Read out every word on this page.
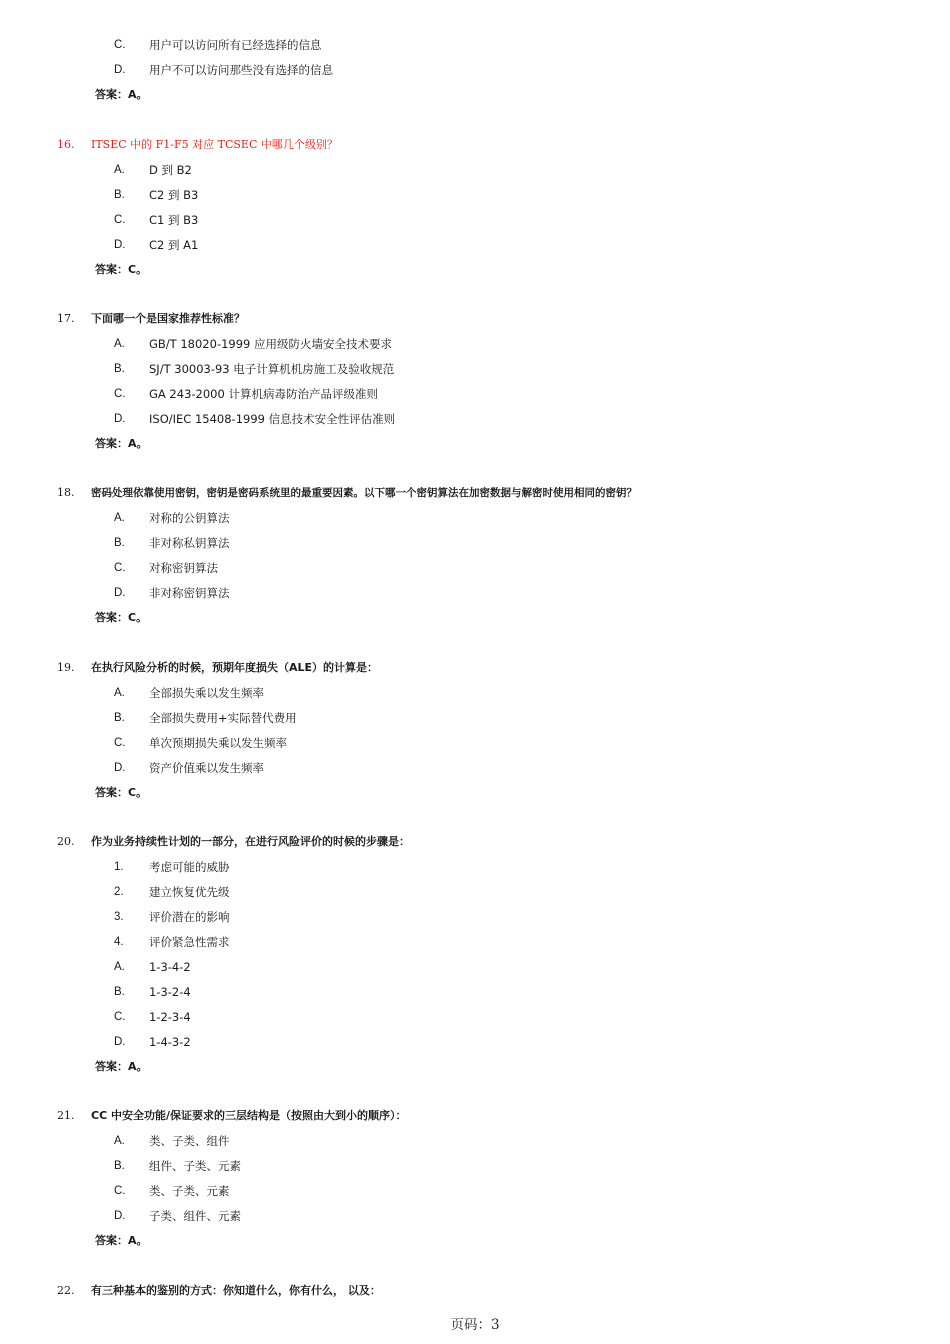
C.	用户可以访问所有已经选择的信息
D.	用户不可以访问那些没有选择的信息
答案：A。
16. ITSEC 中的 F1-F5 对应 TCSEC 中哪几个级别？
A.	D 到 B2
B.	C2 到 B3
C.	C1 到 B3
D.	C2 到 A1
答案：C。
17. 下面哪一个是国家推荐性标准？
A.	GB/T 18020-1999 应用级防火墙安全技术要求
B.	SJ/T 30003-93 电子计算机机房施工及验收规范
C.	GA 243-2000 计算机病毒防治产品评级准则
D.	ISO/IEC 15408-1999 信息技术安全性评估准则
答案：A。
18. 密码处理依靠使用密钥，密钥是密码系统里的最重要因素。以下哪一个密钥算法在加密数据与解密时使用相同的密钥？
A.	对称的公钥算法
B.	非对称私钥算法
C.	对称密钥算法
D.	非对称密钥算法
答案：C。
19. 在执行风险分析的时候，预期年度损失（ALE）的计算是：
A.	全部损失乘以发生频率
B.	全部损失费用+实际替代费用
C.	单次预期损失乘以发生频率
D.	资产价值乘以发生频率
答案：C。
20. 作为业务持续性计划的一部分，在进行风险评价的时候的步骤是：
1.	考虑可能的威胁
2.	建立恢复优先级
3.	评价潜在的影响
4.	评价紧急性需求
A.	1-3-4-2
B.	1-3-2-4
C.	1-2-3-4
D.	1-4-3-2
答案：A。
21. CC 中安全功能/保证要求的三层结构是（按照由大到小的顺序）：
A.	类、子类、组件
B.	组件、子类、元素
C.	类、子类、元素
D.	子类、组件、元素
答案：A。
22. 有三种基本的鉴别的方式：你知道什么，你有什么， 以及：
页码：3
